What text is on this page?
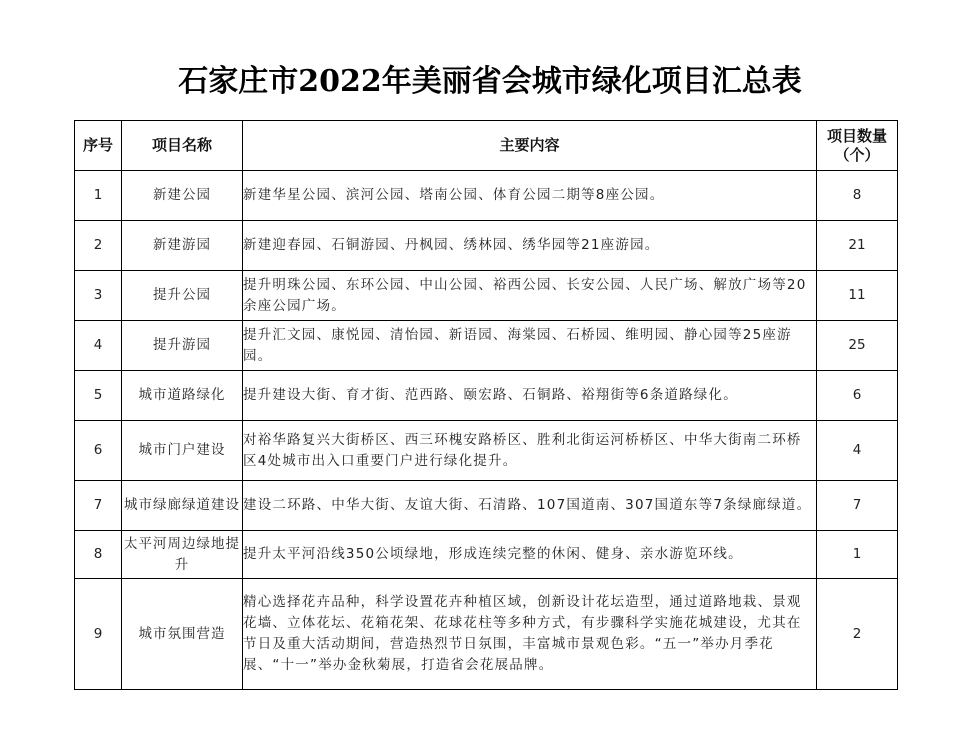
石家庄市2022年美丽省会城市绿化项目汇总表
序号	项目名称	主要内容	项目数量
（个）

1	新建公园	新建华星公园、滨河公园、塔南公园、体育公园二期等8座公园。	8
2	新建游园	新建迎春园、石铜游园、丹枫园、绣林园、绣华园等21座游园。	21
3	提升公园	提升明珠公园、东环公园、中山公园、裕西公园、长安公园、人民广场、解放广场等20余座公园广场。	11
4	提升游园	提升汇文园、康悦园、清怡园、新语园、海棠园、石桥园、维明园、静心园等25座游园。	25
5	城市道路绿化	提升建设大街、育才街、范西路、颐宏路、石铜路、裕翔街等6条道路绿化。	6
6	城市门户建设	对裕华路复兴大街桥区、西三环槐安路桥区、胜利北街运河桥桥区、中华大街南二环桥区4处城市出入口重要门户进行绿化提升。	4
7	城市绿廊绿道建设	建设二环路、中华大街、友谊大街、石清路、107国道南、307国道东等7条绿廊绿道。	7
8	太平河周边绿地提升	提升太平河沿线350公顷绿地，形成连续完整的休闲、健身、亲水游览环线。	1
9	城市氛围营造	精心选择花卉品种，科学设置花卉种植区域，创新设计花坛造型，通过道路地栽、景观花墙、立体花坛、花箱花架、花球花柱等多种方式，有步骤科学实施花城建设，尤其在节日及重大活动期间，营造热烈节日氛围，丰富城市景观色彩。“五一”举办月季花展、“十一”举办金秋菊展，打造省会花展品牌。	2
